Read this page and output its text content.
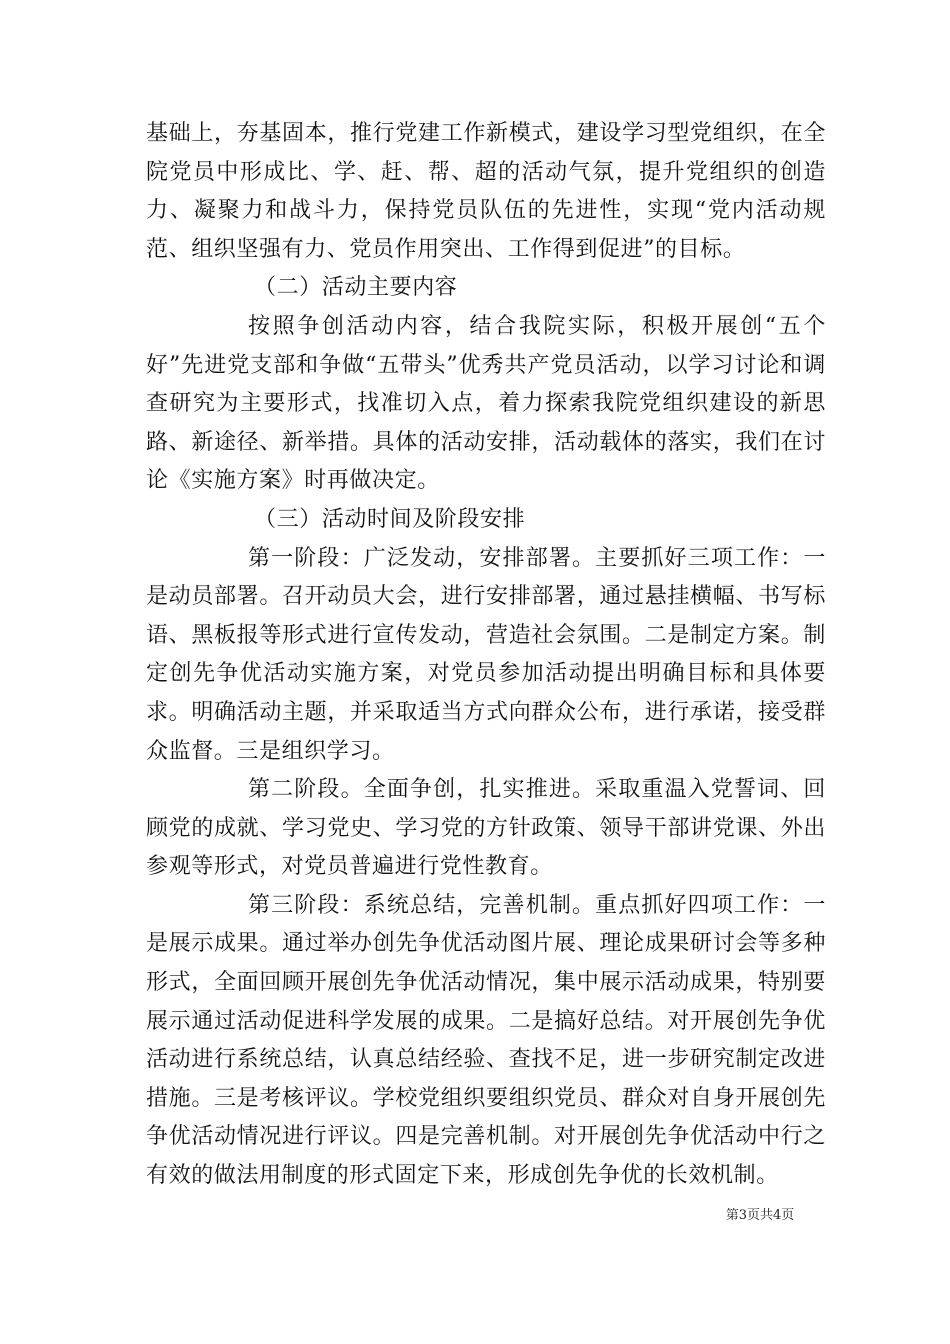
基础上，夯基固本，推行党建工作新模式，建设学习型党组织，在全院党员中形成比、学、赶、帮、超的活动气氛，提升党组织的创造力、凝聚力和战斗力，保持党员队伍的先进性，实现“党内活动规范、组织坚强有力、党员作用突出、工作得到促进”的目标。

（二）活动主要内容

按照争创活动内容，结合我院实际，积极开展创“五个好”先进党支部和争做“五带头”优秀共产党员活动，以学习讨论和调查研究为主要形式，找准切入点，着力探索我院党组织建设的新思路、新途径、新举措。具体的活动安排，活动载体的落实，我们在讨论《实施方案》时再做决定。

（三）活动时间及阶段安排

第一阶段：广泛发动，安排部署。主要抓好三项工作：一是动员部署。召开动员大会，进行安排部署，通过悬挂横幅、书写标语、黑板报等形式进行宣传发动，营造社会氛围。二是制定方案。制定创先争优活动实施方案，对党员参加活动提出明确目标和具体要求。明确活动主题，并采取适当方式向群众公布，进行承诺，接受群众监督。三是组织学习。

第二阶段。全面争创，扎实推进。采取重温入党誓词、回顾党的成就、学习党史、学习党的方针政策、领导干部讲党课、外出参观等形式，对党员普遍进行党性教育。

第三阶段：系统总结，完善机制。重点抓好四项工作：一是展示成果。通过举办创先争优活动图片展、理论成果研讨会等多种形式，全面回顾开展创先争优活动情况，集中展示活动成果，特别要展示通过活动促进科学发展的成果。二是搞好总结。对开展创先争优活动进行系统总结，认真总结经验、查找不足，进一步研究制定改进措施。三是考核评议。学校党组织要组织党员、群众对自身开展创先争优活动情况进行评议。四是完善机制。对开展创先争优活动中行之有效的做法用制度的形式固定下来，形成创先争优的长效机制。

第3页共4页
